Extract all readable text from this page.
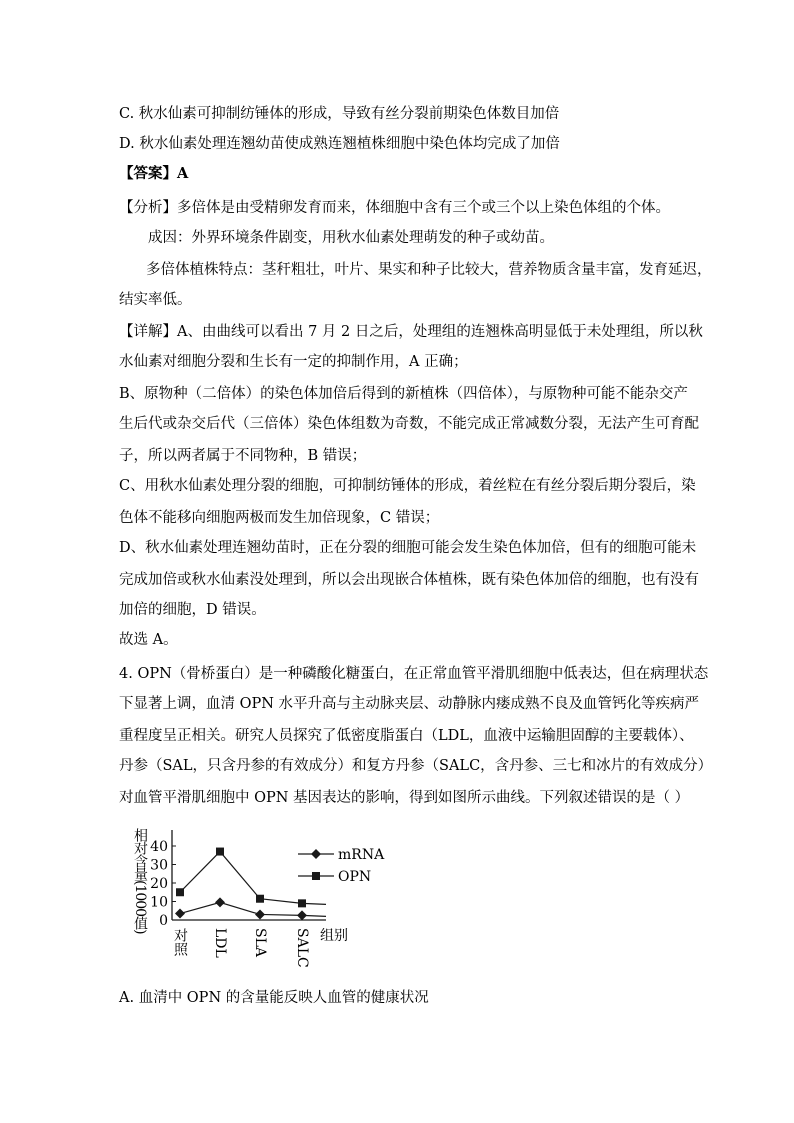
C. 秋水仙素可抑制纺锤体的形成，导致有丝分裂前期染色体数目加倍
D. 秋水仙素处理连翘幼苗使成熟连翘植株细胞中染色体均完成了加倍
【答案】A
【分析】多倍体是由受精卵发育而来，体细胞中含有三个或三个以上染色体组的个体。
成因：外界环境条件剧变，用秋水仙素处理萌发的种子或幼苗。
多倍体植株特点：茎秆粗壮，叶片、果实和种子比较大，营养物质含量丰富，发育延迟，
结实率低。
【详解】A、由曲线可以看出 7 月 2 日之后，处理组的连翘株高明显低于未处理组，所以秋
水仙素对细胞分裂和生长有一定的抑制作用，A 正确；
B、原物种（二倍体）的染色体加倍后得到的新植株（四倍体），与原物种可能不能杂交产
生后代或杂交后代（三倍体）染色体组数为奇数，不能完成正常减数分裂，无法产生可育配
子，所以两者属于不同物种，B 错误；
C、用秋水仙素处理分裂的细胞，可抑制纺锤体的形成，着丝粒在有丝分裂后期分裂后，染
色体不能移向细胞两极而发生加倍现象，C 错误；
D、秋水仙素处理连翘幼苗时，正在分裂的细胞可能会发生染色体加倍，但有的细胞可能未
完成加倍或秋水仙素没处理到，所以会出现嵌合体植株，既有染色体加倍的细胞，也有没有
加倍的细胞，D 错误。
故选 A。
4. OPN（骨桥蛋白）是一种磷酸化糖蛋白，在正常血管平滑肌细胞中低表达，但在病理状态
下显著上调，血清 OPN 水平升高与主动脉夹层、动静脉内瘘成熟不良及血管钙化等疾病严
重程度呈正相关。研究人员探究了低密度脂蛋白（LDL，血液中运输胆固醇的主要载体）、
丹参（SAL，只含丹参的有效成分）和复方丹参（SALC，含丹参、三七和冰片的有效成分）
对血管平滑肌细胞中 OPN 基因表达的影响，得到如图所示曲线。下列叙述错误的是（ ）
A. 血清中 OPN 的含量能反映人血管的健康状况
0
10
20
30
40
相对含量(1000值)
对照 LDL SLA SALC 组别
mRNA
OPN
